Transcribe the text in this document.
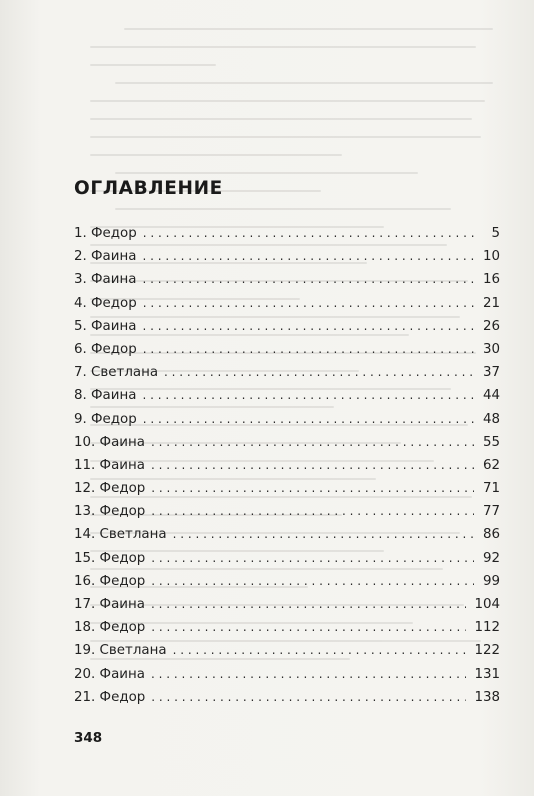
ОГЛАВЛЕНИЕ
1. Федор . . .	5
2. Фаина . . .	10
3. Фаина . . .	16
4. Федор . . .	21
5. Фаина . . .	26
6. Федор . . .	30
7. Светлана . . .	37
8. Фаина . . .	44
9. Федор . . .	48
10. Фаина . . .	55
11. Фаина . . .	62
12. Федор . . .	71
13. Федор . . .	77
14. Светлана . . .	86
15. Федор . . .	92
16. Федор . . .	99
17. Фаина . . .	104
18. Федор . . .	112
19. Светлана . . .	122
20. Фаина . . .	131
21. Федор . . .	138
348
